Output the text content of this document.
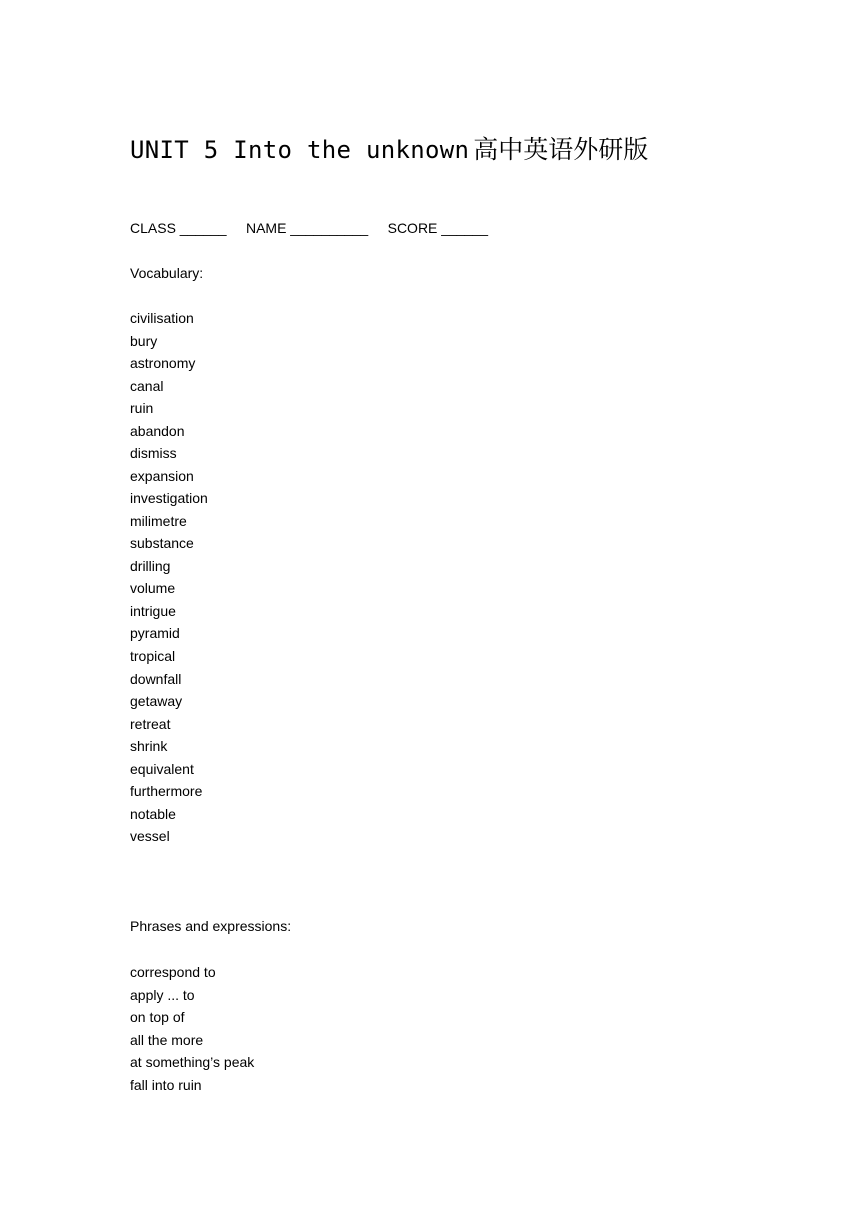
UNIT 5 Into the unknown 高中英语外研版
CLASS ______     NAME __________     SCORE ______
Vocabulary:
civilisation
bury
astronomy
canal
ruin
abandon
dismiss
expansion
investigation
milimetre
substance
drilling
volume
intrigue
pyramid
tropical
downfall
getaway
retreat
shrink
equivalent
furthermore
notable
vessel
Phrases and expressions:
correspond to
apply ... to
on top of
all the more
at something’s peak
fall into ruin
